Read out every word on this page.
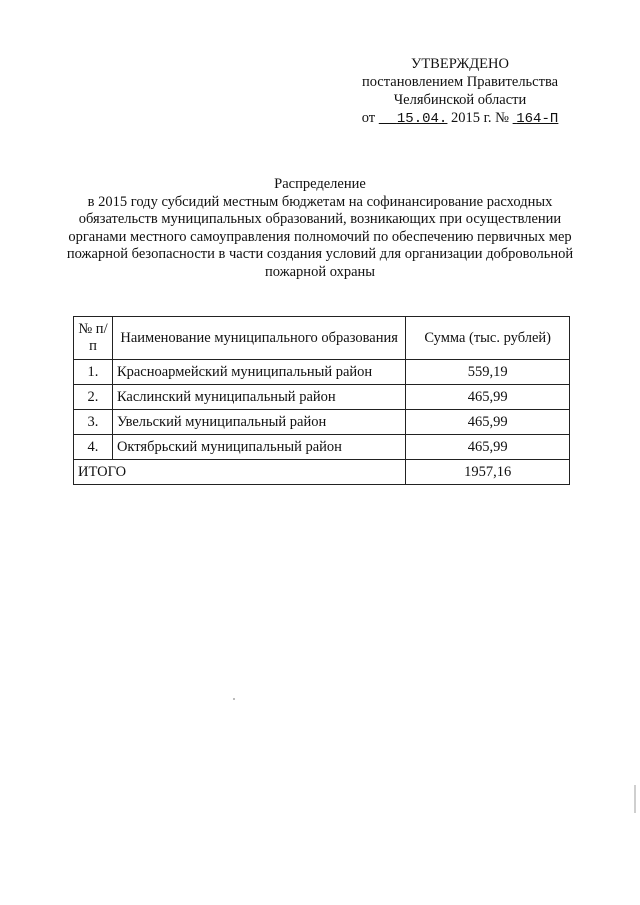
УТВЕРЖДЕНО
постановлением Правительства
Челябинской области
от 15.04. 2015 г. № 164-П
Распределение
в 2015 году субсидий местным бюджетам на софинансирование расходных обязательств муниципальных образований, возникающих при осуществлении органами местного самоуправления полномочий по обеспечению первичных мер пожарной безопасности в части создания условий для организации добровольной пожарной охраны
№ п/п	Наименование муниципального образования	Сумма (тыс. рублей)
1.	Красноармейский муниципальный район	559,19
2.	Каслинский муниципальный район	465,99
3.	Увельский муниципальный район	465,99
4.	Октябрьский муниципальный район	465,99
ИТОГО		1957,16
